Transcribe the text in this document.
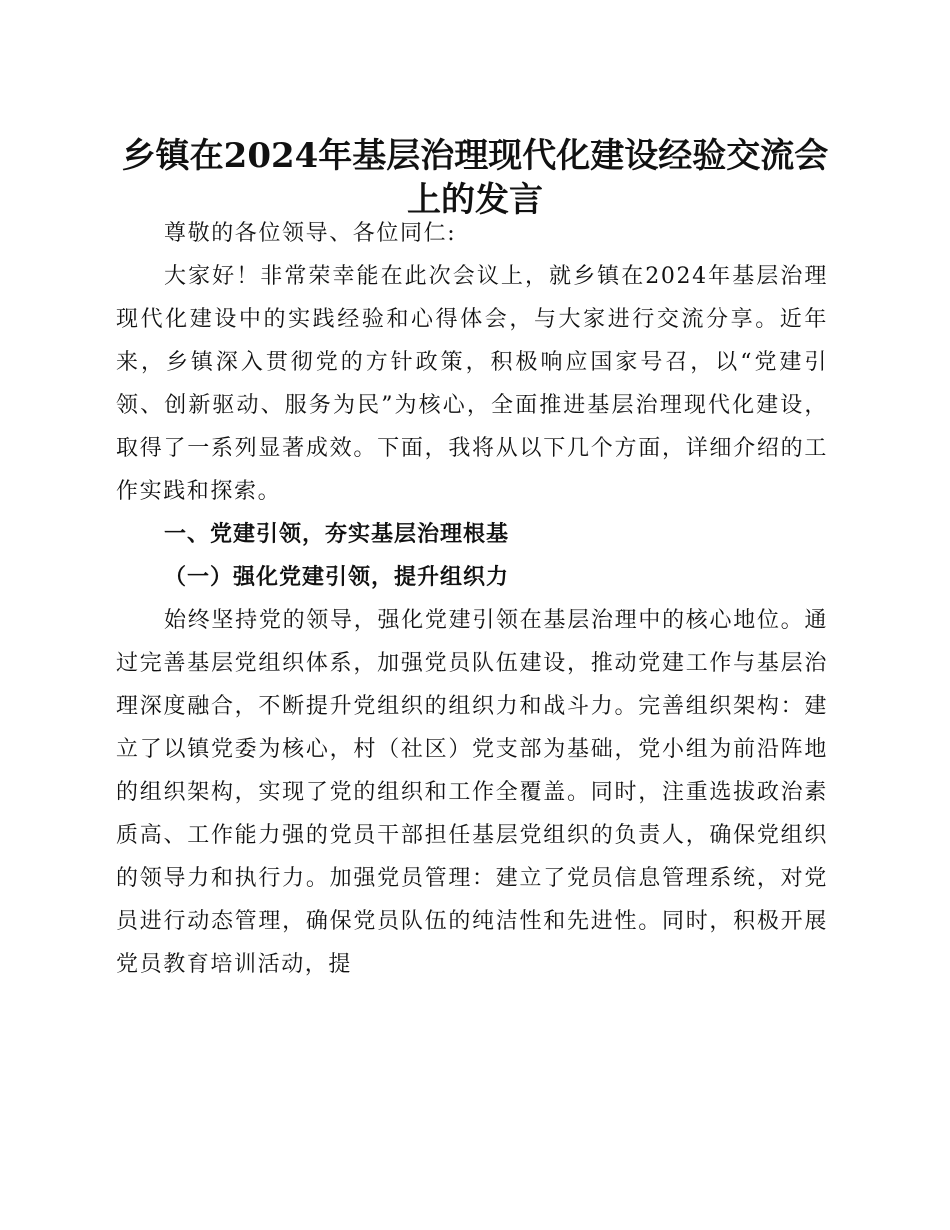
乡镇在2024年基层治理现代化建设经验交流会
上的发言

尊敬的各位领导、各位同仁:

大家好！非常荣幸能在此次会议上，就乡镇在2024年基层治理现代化建设中的实践经验和心得体会，与大家进行交流分享。近年来，乡镇深入贯彻党的方针政策，积极响应国家号召，以“党建引领、创新驱动、服务为民”为核心，全面推进基层治理现代化建设，取得了一系列显著成效。下面，我将从以下几个方面，详细介绍的工作实践和探索。

一、党建引领，夯实基层治理根基

（一）强化党建引领，提升组织力

始终坚持党的领导，强化党建引领在基层治理中的核心地位。通过完善基层党组织体系，加强党员队伍建设，推动党建工作与基层治理深度融合，不断提升党组织的组织力和战斗力。完善组织架构：建立了以镇党委为核心，村（社区）党支部为基础，党小组为前沿阵地的组织架构，实现了党的组织和工作全覆盖。同时，注重选拔政治素质高、工作能力强的党员干部担任基层党组织的负责人，确保党组织的领导力和执行力。加强党员管理：建立了党员信息管理系统，对党员进行动态管理，确保党员队伍的纯洁性和先进性。同时，积极开展党员教育培训活动，提
